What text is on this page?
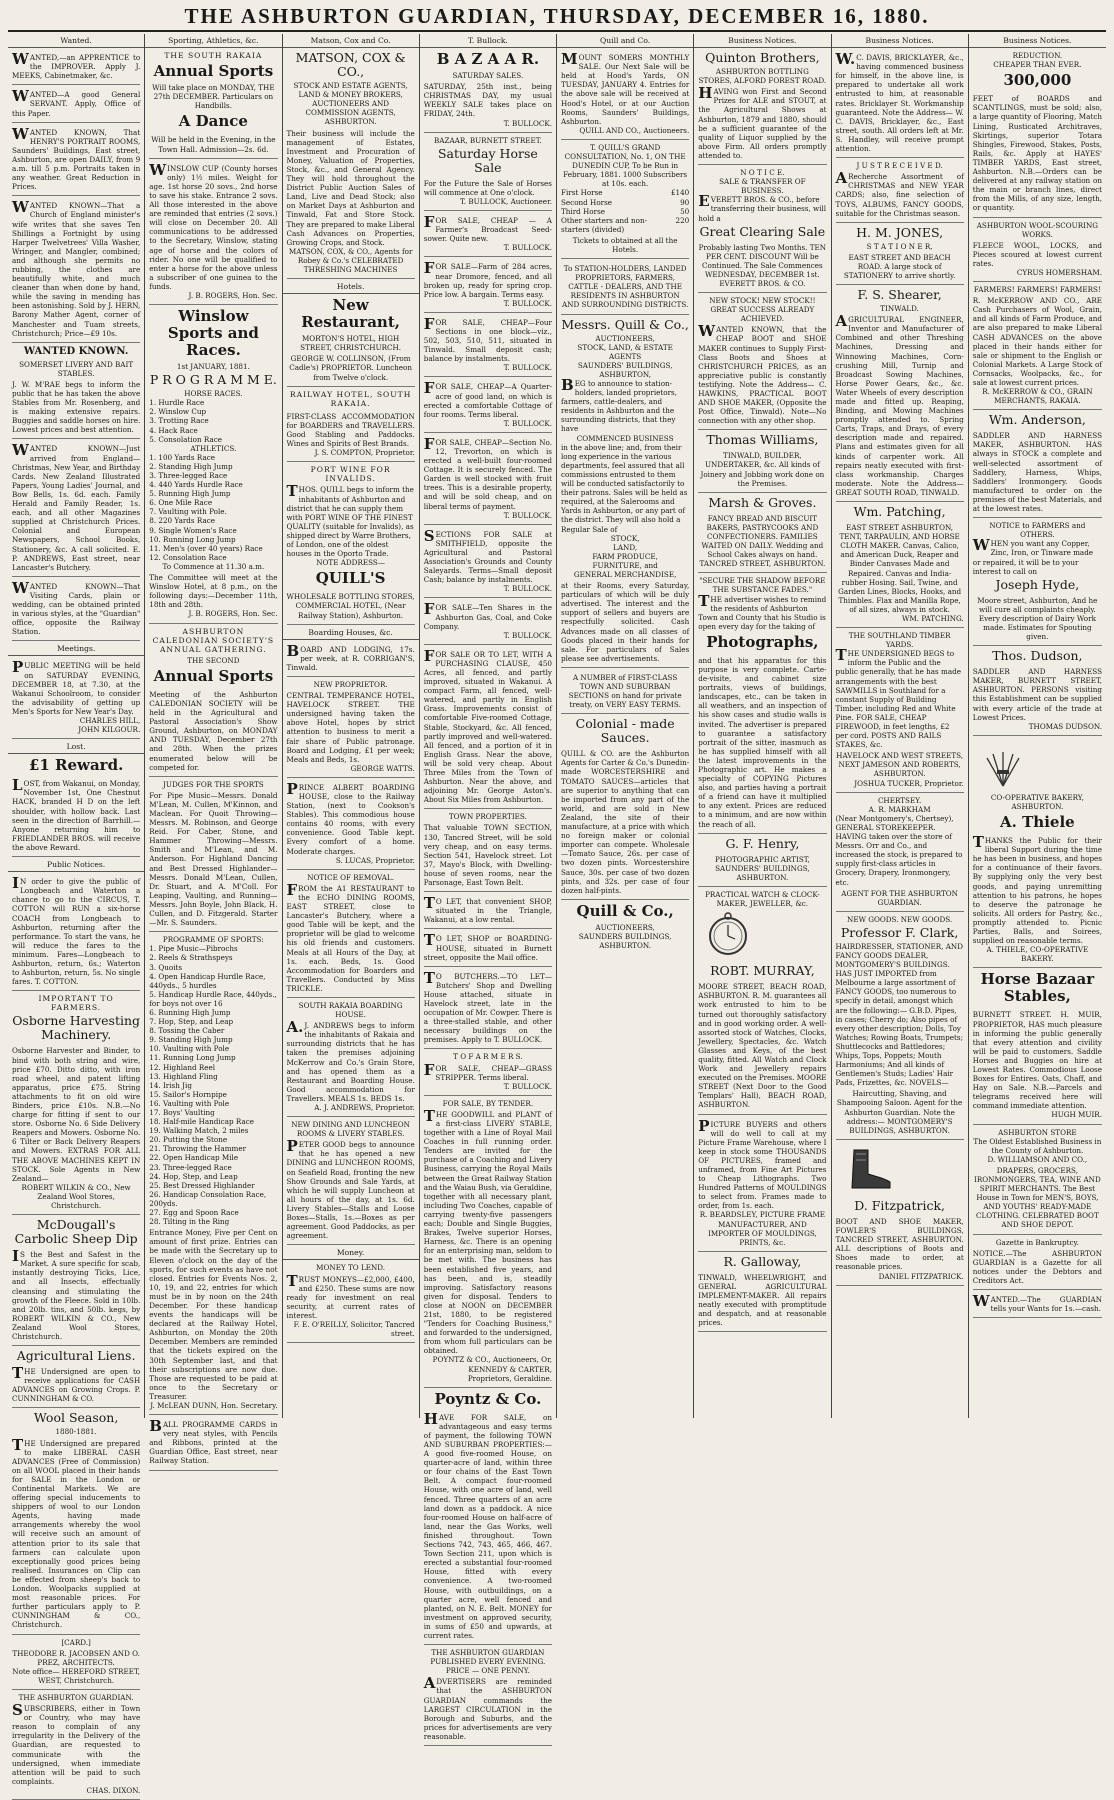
THE ASHBURTON GUARDIAN, THURSDAY, DECEMBER 16, 1880.
Wanted.
WANTED,—an APPRENTICE to the IMPROVER. Apply J. MEEKS, Cabinetmaker, &c.
WANTED—A good General SERVANT. Apply, Office of this Paper.
WANTED KNOWN, That HENRY'S PORTRAIT ROOMS, Saunders' Buildings, East street, Ashburton, are open DAILY, from 9 a.m. till 5 p.m. Portraits taken in any weather. Great Reduction in Prices.
WANTED KNOWN—That a Church of England minister's wife writes that she saves Ten Shillings a Fortnight by using Harper Twelvetrees' Villa Washer, Wringer, and Mangler, combined; and although she permits no rubbing, the clothes are beautifully white, and much cleaner than when done by hand, while the saving in mending has been astonishing. Sold by J. HERN, Barony Mather Agent, corner of Manchester and Tuam streets, Christchurch; Price—£9 10s.
WANTED KNOWN.
SOMERSET LIVERY AND BAIT STABLES.
J. W. M'RAE begs to inform the public that he has taken the above Stables from Mr. Rosenberg, and is making extensive repairs. Buggies and saddle horses on hire. Lowest prices and best attention.
WANTED KNOWN—Just arrived from England—Christmas, New Year, and Birthday Cards. New Zealand Illustrated Papers, Young Ladies' Journal, and Bow Bells, 1s. 6d. each. Family Herald and Family Reader, 1s. each, and all other Magazines supplied at Christchurch Prices. Colonial and European Newspapers, School Books, Stationery, &c. A call solicited. E. P. ANDREWS, East street, near Lancaster's Butchery.
WANTED KNOWN—That Visiting Cards, plain or wedding, can be obtained printed in various styles, at the "Guardian" office, opposite the Railway Station.
Meetings.
PUBLIC MEETING will be held on SATURDAY EVENING, DECEMBER 18, at 7.30, at the Wakanui Schoolroom, to consider the advisability of getting up Men's Sports for New Year's Day.
CHARLES HILL,
JOHN KILGOUR.
Lost.
£1 Reward.
LOST, from Wakanui, on Monday, November 1st, One Chestnut HACK, branded H D on the left shoulder, with hollow back. Last seen in the direction of Barrhill.—Anyone returning him to FRIEDLANDER BROS. will receive the above Reward.
Public Notices.
IN order to give the public of Longbeach and Waterton a chance to go to the CIRCUS, T. COTTON will RUN a six-horse COACH from Longbeach to Ashburton, returning after the performance. To start the vans, he will reduce the fares to the minimum. Fares—Longbeach to Ashburton, return, 6s.; Waterton to Ashburton, return, 5s. No single fares. T. COTTON.
IMPORTANT TO FARMERS.
Osborne Harvesting Machinery.
Osborne Harvester and Binder, to bind with both string and wire, price £70. Ditto ditto, with iron road wheel, and patent lifting apparatus, price £75. String attachments to fit on old wire Binders, price £10s. N.B.—No charge for fitting if sent to our store. Osborne No. 6 Side Delivery Reapers and Mowers. Osborne No. 6 Tilter or Back Delivery Reapers and Mowers. EXTRAS FOR ALL THE ABOVE MACHINES KEPT IN STOCK. Sole Agents in New Zealand—
ROBERT WILKIN & CO., New Zealand Wool Stores, Christchurch.
McDougall's Carbolic Sheep Dip
IS the Best and Safest in the Market. A sure specific for scab, instantly destroying Ticks, Lice, and all Insects, effectually cleansing and stimulating the growth of the Fleece. Sold in 10lb. and 20lb. tins, and 50lb. kegs, by ROBERT WILKIN & CO., New Zealand Wool Stores, Christchurch.
Agricultural Liens.
THE Undersigned are open to receive applications for CASH ADVANCES on Growing Crops. P. CUNNINGHAM & CO.
Wool Season,
1880-1881.
THE Undersigned are prepared to make LIBERAL CASH ADVANCES (Free of Commission) on all WOOL placed in their hands for SALE in the London or Continental Markets. We are offering special inducements to shippers of wool to our London Agents, having made arrangements whereby the wool will receive such an amount of attention prior to its sale that farmers can calculate upon exceptionally good prices being realised. Insurances on Clip can be effected from sheep's back to London. Woolpacks supplied at most reasonable prices. For further particulars apply to P. CUNNINGHAM & CO., Christchurch.
[CARD.]
THEODORE R. JACOBSEN AND O. PREZ, ARCHITECTS.
Note office— HEREFORD STREET, WEST, Christchurch.
THE ASHBURTON GUARDIAN.
SUBSCRIBERS, either in Town or Country, who may have reason to complain of any irregularity in the Delivery of the Guardian, are requested to communicate with the undersigned, when immediate attention will be paid to such complaints.
CHAS. DIXON.
Sporting, Athletics, &c.
THE SOUTH RAKAIA
Annual Sports
Will take place on MONDAY, THE 27th DECEMBER. Particulars on Handbills.
A Dance
Will be held in the Evening, in the Town Hall. Admission—2s. 6d.
WINSLOW CUP (County horses only) 1½ miles. Weight for age. 1st horse 20 sovs., 2nd horse to save his stake. Entrance 2 sovs. All those interested in the above are reminded that entries (2 sovs.) will close on December 20. All communications to be addressed to the Secretary, Winslow, stating age of horse and the colors of rider. No one will be qualified to enter a horse for the above unless a subscriber of one guinea to the funds.
J. B. ROGERS, Hon. Sec.
Winslow Sports and Races.
1st JANUARY, 1881.
P R O G R A M M E.
HORSE RACES.
1. Hurdle Race
2. Winslow Cup
3. Trotting Race
4. Hack Race
5. Consolation Race
ATHLETICS.
1. 100 Yards Race
2. Standing High Jump
3. Three-legged Race
4. 440 Yards Hurdle Race
5. Running High Jump
6. One Mile Race
7. Vaulting with Pole.
8. 220 Yards Race
9. Single Women's Race
10. Running Long Jump
11. Men's (over 40 years) Race
12. Consolation Race
To Commence at 11.30 a.m.
The Committee will meet at the Winslow Hotel, at 8 p.m., on the following days:—December 11th, 18th and 28th.
J. B. ROGERS, Hon. Sec.
ASHBURTON CALEDONIAN SOCIETY'S ANNUAL GATHERING.
THE SECOND
Annual Sports
Meeting of the Ashburton CALEDONIAN SOCIETY will be held in the Agricultural and Pastoral Association's Show Ground, Ashburton, on MONDAY AND TUESDAY, December 27th and 28th. When the prizes enumerated below will be competed for.
JUDGES FOR THE SPORTS
For Pipe Music—Messrs. Donald M'Lean, M. Cullen, M'Kinnon, and Maclean. For Quoit Throwing—Messrs. M. Robinson, and George Reid. For Caber, Stone, and Hammer Throwing—Messrs. Smith and M'Lean, and M. Anderson. For Highland Dancing and Best Dressed Highlander—Messrs. Donald M'Lean, Cullen, Dr. Stuart, and A. M'Coll. For Leaping, Vaulting, and Running—Messrs. John Boyle, John Black, H. Cullen, and D. Fitzgerald. Starter—Mr. S. Saunders.
PROGRAMME OF SPORTS:
1. Pipe Music—Pibrochs
2. Reels & Strathspeys
3. Quoits
4. Open Handicap Hurdle Race, 440yds., 5 hurdles
5. Handicap Hurdle Race, 440yds., for boys not over 16
6. Running High Jump
7. Hop, Step, and Leap
8. Tossing the Caber
9. Standing High Jump
10. Vaulting with Pole
11. Running Long Jump
12. Highland Reel
13. Highland Fling
14. Irish Jig
15. Sailor's Hornpipe
16. Vaulting with Pole
17. Boys' Vaulting
18. Half-mile Handicap Race
19. Walking Match, 2 miles
20. Putting the Stone
21. Throwing the Hammer
22. Open Handicap Mile
23. Three-legged Race
24. Hop, Step, and Leap
25. Best Dressed Highlander
26. Handicap Consolation Race, 200yds.
27. Egg and Spoon Race
28. Tilting in the Ring
Entrance Money, Five per Cent on amount of first prize. Entries can be made with the Secretary up to Eleven o'clock on the day of the sports, for such events as have not closed. Entries for Events Nos. 2, 10, 19, and 22, entries for which must be in by noon on the 24th December. For these handicap events the handicaps will be declared at the Railway Hotel, Ashburton, on Monday the 20th December. Members are reminded that the tickets expired on the 30th September last, and that their subscriptions are now due. Those are requested to be paid at once to the Secretary or Treasurer.
J. McLEAN DUNN, Hon. Secretary.
BALL PROGRAMME CARDS in very neat styles, with Pencils and Ribbons, printed at the Guardian Office, East street, near Railway Station.
Matson, Cox and Co.
MATSON, COX & CO.,
STOCK AND ESTATE AGENTS, LAND & MONEY BROKERS, AUCTIONEERS AND COMMISSION AGENTS, ASHBURTON.
Their business will include the management of Estates, Investment and Procuration of Money, Valuation of Properties, Stock, &c., and General Agency. They will hold throughout the District Public Auction Sales of Land, Live and Dead Stock; also on Market Days at Ashburton and Tinwald, Fat and Store Stock. They are prepared to make Liberal Cash Advances on Properties, Growing Crops, and Stock.
MATSON, COX, & CO., Agents for Robey & Co.'s CELEBRATED THRESHING MACHINES
Hotels.
New Restaurant,
MORTON'S HOTEL, HIGH STREET, CHRISTCHURCH.
GEORGE W. COLLINSON, (From Cadle's) PROPRIETOR. Luncheon from Twelve o'clock.
RAILWAY HOTEL, SOUTH RAKAIA.
FIRST-CLASS ACCOMMODATION for BOARDERS and TRAVELLERS. Good Stabling and Paddocks. Wines and Spirits of Best Brands.
J. S. COMPTON, Proprietor.
PORT WINE FOR INVALIDS.
THOS. QUILL begs to inform the inhabitants of Ashburton and district that he can supply them with PORT WINE OF THE FINEST QUALITY (suitable for Invalids), as shipped direct by Warre Brothers, of London, one of the oldest houses in the Oporto Trade.
NOTE ADDRESS—
QUILL'S
WHOLESALE BOTTLING STORES, COMMERCIAL HOTEL, (Near Railway Station), Ashburton.
Boarding Houses, &c.
BOARD AND LODGING, 17s. per week, at R. CORRIGAN'S, Tinwald.
NEW PROPRIETOR.
CENTRAL TEMPERANCE HOTEL, HAVELOCK STREET. THE undersigned having taken the above Hotel, hopes by strict attention to business to merit a fair share of Public patronage. Board and Lodging, £1 per week; Meals and Beds, 1s.
GEORGE WATTS.
PRINCE ALBERT BOARDING HOUSE, close to the Railway Station, (next to Cookson's Stables). This commodious house contains 40 rooms, with every convenience. Good Table kept. Every comfort of a home. Moderate charges.
S. LUCAS, Proprietor.
NOTICE OF REMOVAL.
FROM the A1 RESTAURANT to the ECHO DINING ROOMS, EAST STREET, close to Lancaster's Butchery, where a good Table will be kept, and the proprietor will be glad to welcome his old friends and customers. Meals at all Hours of the Day, at 1s. each. Beds, 1s. Good Accommodation for Boarders and Travellers. Conducted by Miss TRICKLE.
SOUTH RAKAIA BOARDING HOUSE.
A.J. ANDREWS begs to inform the inhabitants of Rakaia and surrounding districts that he has taken the premises adjoining McKerrow and Co.'s Grain Store, and has opened them as a Restaurant and Boarding House. Good accommodation for Travellers. MEALS 1s. BEDS 1s.
A. J. ANDREWS, Proprietor.
NEW DINING AND LUNCHEON ROOMS & LIVERY STABLES.
PETER GOOD begs to announce that he has opened a new DINING and LUNCHEON ROOMS, on Seafield Road, fronting the new Show Grounds and Sale Yards, at which he will supply Luncheon at all hours of the day, at 1s. 6d. Livery Stables—Stalls and Loose Boxes—Stalls, 1s.—Boxes as per agreement. Good Paddocks, as per agreement.
Money.
MONEY TO LEND.
TRUST MONEYS—£2,000, £400, and £250. These sums are now ready for investment on real security, at current rates of interest.
F. E. O'REILLY, Solicitor, Tancred street.
T. Bullock.
B A Z A A R.
SATURDAY SALES.
SATURDAY, 25th inst., being CHRISTMAS DAY, my usual WEEKLY SALE takes place on FRIDAY, 24th.
T. BULLOCK.
BAZAAR, BURNETT STREET.
Saturday Horse Sale
For the Future the Sale of Horses will commence at One o'clock.
T. BULLOCK, Auctioneer.
FOR SALE, CHEAP — A Farmer's Broadcast Seed-sower. Quite new.
T. BULLOCK.
FOR SALE—Farm of 284 acres, near Dromore, fenced, and all broken up, ready for spring crop. Price low. A bargain. Terms easy.
T. BULLOCK.
FOR SALE, CHEAP—Four Sections in one block—viz., 502, 503, 510, 511, situated in Tinwald. Small deposit cash; balance by instalments.
T. BULLOCK.
FOR SALE, CHEAP—A Quarter-acre of good land, on which is erected a comfortable Cottage of four rooms. Terms liberal.
T. BULLOCK.
FOR SALE, CHEAP—Section No. 12, Trevorton, on which is erected a well-built four-roomed Cottage. It is securely fenced. The Garden is well stocked with fruit trees. This is a desirable property, and will be sold cheap, and on liberal terms of payment.
T. BULLOCK.
SECTIONS FOR SALE at SMITHFIELD, opposite the Agricultural and Pastoral Association's Grounds and County Saleyards. Terms—Small deposit Cash; balance by instalments.
T. BULLOCK.
FOR SALE—Ten Shares in the Ashburton Gas, Coal, and Coke Company.
T. BULLOCK.
FOR SALE OR TO LET, WITH A PURCHASING CLAUSE, 450 Acres, all fenced, and partly improved, situated in Wakanui. A compact Farm, all fenced, well-watered, and partly in English Grass. Improvements consist of comfortable Five-roomed Cottage, Stable, Stockyard, &c. All fenced, partly improved and well-watered. All fenced, and a portion of it in English Grass. Near the above, will be sold very cheap. About Three Miles from the Town of Ashburton. Near the above, and adjoining Mr. George Aston's. About Six Miles from Ashburton.
TOWN PROPERTIES.
That valuable TOWN SECTION, 130, Tancred Street, will be sold very cheap, and on easy terms. Section 541, Havelock street. Lot 37, Mayo's Block, with Dwelling-house of seven rooms, near the Parsonage, East Town Belt.
TO LET, that convenient SHOP, situated in the Triangle, Wakanui, at a low rental.
TO LET, SHOP or BOARDING-HOUSE, situated in Burnett street, opposite the Mail office.
TO BUTCHERS.—TO LET—Butchers' Shop and Dwelling House attached, situate in Havelock street, late in the occupation of Mr. Cowper. There is a three-stalled stable, and other necessary buildings on the premises. Apply to T. BULLOCK.
T O F A R M E R S.
FOR SALE, CHEAP—GRASS STRIPPER. Terms liberal.
T. BULLOCK.
FOR SALE, BY TENDER.
THE GOODWILL and PLANT of a first-class LIVERY STABLE, together with a Line of Royal Mail Coaches in full running order. Tenders are invited for the purchase of a Coaching and Livery Business, carrying the Royal Mails between the Great Railway Station and the Waiau Bush, via Geraldine, together with all necessary plant, including Two Coaches, capable of carrying twenty-five passengers each; Double and Single Buggies, Brakes, Twelve superior Horses, Harness, &c. There is an opening for an enterprising man, seldom to be met with. The business has been established five years, and has been, and is, steadily improving. Satisfactory reasons given for disposal. Tenders to close at NOON on DECEMBER 21st, 1880, to be registered "Tenders for Coaching Business," and forwarded to the undersigned, from whom full particulars can be obtained.
POYNTZ & CO., Auctioneers, Or, KENNEDY & CARTER, Proprietors, Geraldine.
Poyntz & Co.
HAVE FOR SALE, on advantageous and easy terms of payment, the following TOWN AND SUBURBAN PROPERTIES:— A good five-roomed House, on quarter-acre of land, within three or four chains of the East Town Belt. A compact four-roomed House, with one acre of land, well fenced. Three quarters of an acre land down as a paddock. A nice four-roomed House on half-acre of land, near the Gas Works, well finished throughout. Town Sections 742, 743, 465, 466, 467. Town Section 211, upon which is erected a substantial four-roomed House, fitted with every convenience. A two-roomed House, with outbuildings, on a quarter acre, well fenced and planted, on N. E. Belt. MONEY for investment on approved security, in sums of £50 and upwards, at current rates.
THE ASHBURTON GUARDIAN
PUBLISHED EVERY EVENING.
PRICE — ONE PENNY.
ADVERTISERS are reminded that the ASHBURTON GUARDIAN commands the LARGEST CIRCULATION in the Borough and Suburbs, and the prices for advertisements are very reasonable.
Quill and Co.
MOUNT SOMERS MONTHLY SALE. Our Next Sale will be held at Hood's Yards, ON TUESDAY, JANUARY 4. Entries for the above sale will be received at Hood's Hotel, or at our Auction Rooms, Saunders' Buildings, Ashburton.
QUILL AND CO., Auctioneers.
T. QUILL'S GRAND CONSULTATION, No. 1, ON THE DUNEDIN CUP, To be Run in February, 1881. 1000 Subscribers at 10s. each.
First Horse	£140
Second Horse	90
Third Horse	50
Other starters and non-starters (divided)
220
Tickets to obtained at all the Hotels.
To STATION-HOLDERS, LANDED PROPRIETORS, FARMERS, CATTLE - DEALERS, AND THE RESIDENTS IN ASHBURTON AND SURROUNDING DISTRICTS.
Messrs. Quill & Co.,
AUCTIONEERS,
STOCK, LAND, & ESTATE AGENTS
SAUNDERS' BUILDINGS,
ASHBURTON,
BEG to announce to station-holders, landed proprietors, farmers, cattle-dealers, and residents in Ashburton and the surrounding districts, that they have
COMMENCED BUSINESS
in the above line; and, from their long experience in the various departments, feel assured that all commissions entrusted to them will be conducted satisfactorily to their patrons. Sales will be held as required, at the Salerooms and Yards in Ashburton, or any part of the district. They will also hold a Regular Sale of
STOCK,
LAND,
FARM PRODUCE,
FURNITURE, and
GENERAL MERCHANDISE,
at their Rooms, every Saturday, particulars of which will be duly advertised. The interest and the support of sellers and buyers are respectfully solicited. Cash Advances made on all classes of Goods placed in their hands for sale. For particulars of Sales please see advertisements.
A NUMBER of FIRST-CLASS TOWN AND SUBURBAN SECTIONS on hand for private treaty, on VERY EASY TERMS.
Colonial - made Sauces.
QUILL & CO. are the Ashburton Agents for Carter & Co.'s Dunedin-made WORCESTERSHIRE and TOMATO SAUCES—articles that are superior to anything that can be imported from any part of the world, and are sold in New Zealand, the site of their manufacture, at a price with which no foreign maker or colonial importer can compete. Wholesale—Tomato Sauce, 26s. per case of two dozen pints. Worcestershire Sauce, 30s. per case of two dozen pints, and 32s. per case of four dozen half-pints.
Quill & Co.,
AUCTIONEERS,
SAUNDERS BUILDINGS,
ASHBURTON.
Business Notices.
Quinton Brothers,
ASHBURTON BOTTLING STORES, ALFORD FOREST ROAD.
HAVING won First and Second Prizes for ALE and STOUT, at the Agricultural Shows at Ashburton, 1879 and 1880, should be a sufficient guarantee of the quality of Liquor supplied by the above Firm. All orders promptly attended to.
N O T I C E.
SALE & TRANSFER OF BUSINESS.
EVERETT BROS. & CO., before transferring their business, will hold a
Great Clearing Sale
Probably lasting Two Months. TEN PER CENT. DISCOUNT Will be Continued. The Sale Commences WEDNESDAY, DECEMBER 1st.
EVERETT BROS. & CO.
NEW STOCK! NEW STOCK!! GREAT SUCCESS ALREADY ACHIEVED.
WANTED KNOWN, that the CHEAP BOOT and SHOE MAKER continues to Supply First-Class Boots and Shoes at CHRISTCHURCH PRICES, as an appreciative public is constantly testifying. Note the Address— C. HAWKINS, PRACTICAL BOOT AND SHOE MAKER, (Opposite the Post Office, Tinwald). Note—No connection with any other shop.
Thomas Williams,
TINWALD, BUILDER, UNDERTAKER, &c. All kinds of Joinery and Jobbing work done on the Premises.
Marsh & Groves.
FANCY BREAD AND BISCUIT BAKERS, PASTRYCOOKS AND CONFECTIONERS. FAMILIES WAITED ON DAILY. Wedding and School Cakes always on hand. TANCRED STREET, ASHBURTON.
"SECURE THE SHADOW BEFORE THE SUBSTANCE FADES."
THE advertiser wishes to remind the residents of Ashburton Town and County that his Studio is open every day for the taking of
Photographs,
and that his apparatus for this purpose is very complete. Carte-de-visite, and cabinet size portraits, views of buildings, landscapes, etc., can be taken in all weathers, and an inspection of his show cases and studio walls is invited. The advertiser is prepared to guarantee a satisfactory portrait of the sitter, inasmuch as he has supplied himself with all the latest improvements in the Photographic art. He makes a specialty of COPYING Pictures also, and parties having a portrait of a friend can have it multiplied to any extent. Prices are reduced to a minimum, and are now within the reach of all.
G. F. Henry,
PHOTOGRAPHIC ARTIST, SAUNDERS' BUILDINGS, ASHBURTON.
PRACTICAL WATCH & CLOCK-MAKER, JEWELLER, &c.
ROBT. MURRAY,
MOORE STREET, BEACH ROAD, ASHBURTON. R. M. guarantees all work entrusted to him to be turned out thoroughly satisfactory and in good working order. A well-assorted stock of Watches, Clocks, Jewellery, Spectacles, &c. Watch Glasses and Keys, of the best quality, fitted. All Watch and Clock Work and Jewellery repairs executed on the Premises. MOORE STREET (Next Door to the Good Templars' Hall), BEACH ROAD, ASHBURTON.
PICTURE BUYERS and others will do well to call at my Picture Frame Warehouse, where I keep in stock some THOUSANDS OF PICTURES, framed and unframed, from Fine Art Pictures to Cheap Lithographs. Two Hundred Patterns of MOULDINGS to select from. Frames made to order, from 1s. each.
R. BEARDSLEY, PICTURE FRAME MANUFACTURER, AND IMPORTER OF MOULDINGS, PRINTS, &c.
R. Galloway,
TINWALD, WHEELWRIGHT, and GENERAL AGRICULTURAL IMPLEMENT-MAKER. All repairs neatly executed with promptitude and despatch, and at reasonable prices.
Business Notices.
W.C. DAVIS, BRICKLAYER, &c., having commenced business for himself, in the above line, is prepared to undertake all work entrusted to him, at reasonable rates. Bricklayer St. Workmanship guaranteed. Note the Address— W. C. DAVIS, Bricklayer, &c., East street, south. All orders left at Mr. S. Handley, will receive prompt attention.
J U S T R E C E I V E D.
ARecherche Assortment of CHRISTMAS and NEW YEAR CARDS; also, fine selection of TOYS, ALBUMS, FANCY GOODS, suitable for the Christmas season.
H. M. JONES,
S T A T I O N E R,
EAST STREET AND BEACH ROAD. A large stock of STATIONERY to arrive shortly.
F. S. Shearer,
TINWALD.
AGRICULTURAL ENGINEER, Inventor and Manufacturer of Combined and other Threshing Machines, Dressing and Winnowing Machines, Corn-crushing Mill, Turnip and Broadcast Sowing Machines, Horse Power Gears, &c., &c. Water Wheels of every description made and fitted up. Reaping, Binding, and Mowing Machines promptly attended to. Spring Carts, Traps, and Drays, of every description made and repaired. Plans and estimates given for all kinds of carpenter work. All repairs neatly executed with first-class workmanship. Charges moderate. Note the Address— GREAT SOUTH ROAD, TINWALD.
Wm. Patching,
EAST STREET ASHBURTON, TENT, TARPAULIN, AND HORSE CLOTH MAKER. Canvas, Calico, and American Duck, Reaper and Binder Canvases Made and Repaired. Canvas and India-rubber Hosing. Sail, Twine, and Garden Lines, Blocks, Hooks, and Thimbles. Flax and Manilla Rope, of all sizes, always in stock.
WM. PATCHING.
THE SOUTHLAND TIMBER YARDS.
THE UNDERSIGNED BEGS to inform the Public and the public generally, that he has made arrangements with the best SAWMILLS in Southland for a constant Supply of Building Timber, including Red and White Pine. FOR SALE, CHEAP FIREWOOD, in feet lengths, £2 per cord. POSTS AND RAILS STAKES, &c.
HAVELOCK AND WEST STREETS, NEXT JAMESON AND ROBERTS, ASHBURTON.
JOSHUA TUCKER, Proprietor.
CHERTSEY.
A. R. MARKHAM
(Near Montgomery's, Chertsey), GENERAL STOREKEEPER. HAVING taken over the store of Messrs. Orr and Co., and increased the stock, is prepared to supply first-class articles in Grocery, Drapery, Ironmongery, etc.
AGENT FOR THE ASHBURTON GUARDIAN.
NEW GOODS. NEW GOODS.
Professor F. Clark,
HAIRDRESSER, STATIONER, AND FANCY GOODS DEALER, MONTGOMERY'S BUILDINGS. HAS JUST IMPORTED from Melbourne a large assortment of FANCY GOODS, too numerous to specify in detail, amongst which are the following:— G.B.D. Pipes, in cases; Cherry do; Also pipes of every other description; Dolls, Toy Watches; Rowing Boats, Trumpets; Shuttlecocks and Battledores; Whips, Tops, Poppets; Mouth Harmoniums; And all kinds of Gentlemen's Studs; Ladies' Hair Pads, Frizettes, &c. NOVELS—
Haircutting, Shaving, and Shampooing Saloon. Agent for the Ashburton Guardian. Note the address:— MONTGOMERY'S BUILDINGS, ASHBURTON.
D. Fitzpatrick,
BOOT AND SHOE MAKER, FOWLER'S BUILDINGS, TANCRED STREET, ASHBURTON. ALL descriptions of Boots and Shoes made to order, at reasonable prices.
DANIEL FITZPATRICK.
Business Notices.
REDUCTION.
CHEAPER THAN EVER.
300,000
FEET of BOARDS and SCANTLINGS, must be sold; also, a large quantity of Flooring, Match Lining, Rusticated Architraves, Skirtings, superior Totara Shingles, Firewood, Stakes, Posts, Rails, &c. Apply at HAYES' TIMBER YARDS, East street, Ashburton. N.B.—Orders can be delivered at any railway station on the main or branch lines, direct from the Mills, of any size, length, or quantity.
ASHBURTON WOOL-SCOURING WORKS.
FLEECE WOOL, LOCKS, and Pieces scoured at lowest current rates.
CYRUS HOMERSHAM.
FARMERS! FARMERS! FARMERS!
R. McKERROW AND CO., ARE Cash Purchasers of Wool, Grain, and all kinds of Farm Produce, and are also prepared to make Liberal CASH ADVANCES on the above placed in their hands either for sale or shipment to the English or Colonial Markets. A Large Stock of Cornsacks, Woolpacks, &c., for sale at lowest current prices.
R. McKERROW & CO., GRAIN MERCHANTS, RAKAIA.
Wm. Anderson,
SADDLER AND HARNESS MAKER, ASHBURTON. HAS always in STOCK a complete and well-selected assortment of Saddlery, Harness, Whips, Saddlers' Ironmongery. Goods manufactured to order on the premises of the best Materials, and at the lowest rates.
NOTICE to FARMERS and OTHERS.
WHEN you want any Copper, Zinc, Iron, or Tinware made or repaired, it will be to your interest to call on
Joseph Hyde,
Moore street, Ashburton, And he will cure all complaints cheaply. Every description of Dairy Work made. Estimates for Spouting given.
Thos. Dudson,
SADDLER AND HARNESS MAKER, BURNETT STREET, ASHBURTON. PERSONS visiting this Establishment can be supplied with every article of the trade at Lowest Prices.
THOMAS DUDSON.
CO-OPERATIVE BAKERY, ASHBURTON.
A. Thiele
THANKS the Public for their liberal Support during the time he has been in business, and hopes for a continuance of their favors. By supplying only the very best goods, and paying unremitting attention to his patrons, he hopes to deserve the patronage he solicits. All orders for Pastry, &c., promptly attended to. Picnic Parties, Balls, and Soirees, supplied on reasonable terms.
A. THIELE, CO-OPERATIVE BAKERY.
Horse Bazaar Stables,
BURNETT STREET. H. MUIR, PROPRIETOR, HAS much pleasure in informing the public generally that every attention and civility will be paid to customers. Saddle Horses and Buggies on hire at Lowest Rates. Commodious Loose Boxes for Entires. Oats, Chaff, and Hay on Sale. N.B.—Parcels and telegrams received here will command immediate attention.
HUGH MUIR.
ASHBURTON STORE
The Oldest Established Business in the County of Ashburton.
D. WILLIAMSON AND CO.,
DRAPERS, GROCERS, IRONMONGERS, TEA, WINE AND SPIRIT MERCHANTS. The Best House in Town for MEN'S, BOYS, AND YOUTHS' READY-MADE CLOTHING. CELEBRATED BOOT AND SHOE DEPOT.
Gazette in Bankruptcy.
NOTICE.—The ASHBURTON GUARDIAN is a Gazette for all notices under the Debtors and Creditors Act.
WANTED.—The GUARDIAN tells your Wants for 1s.—cash.
